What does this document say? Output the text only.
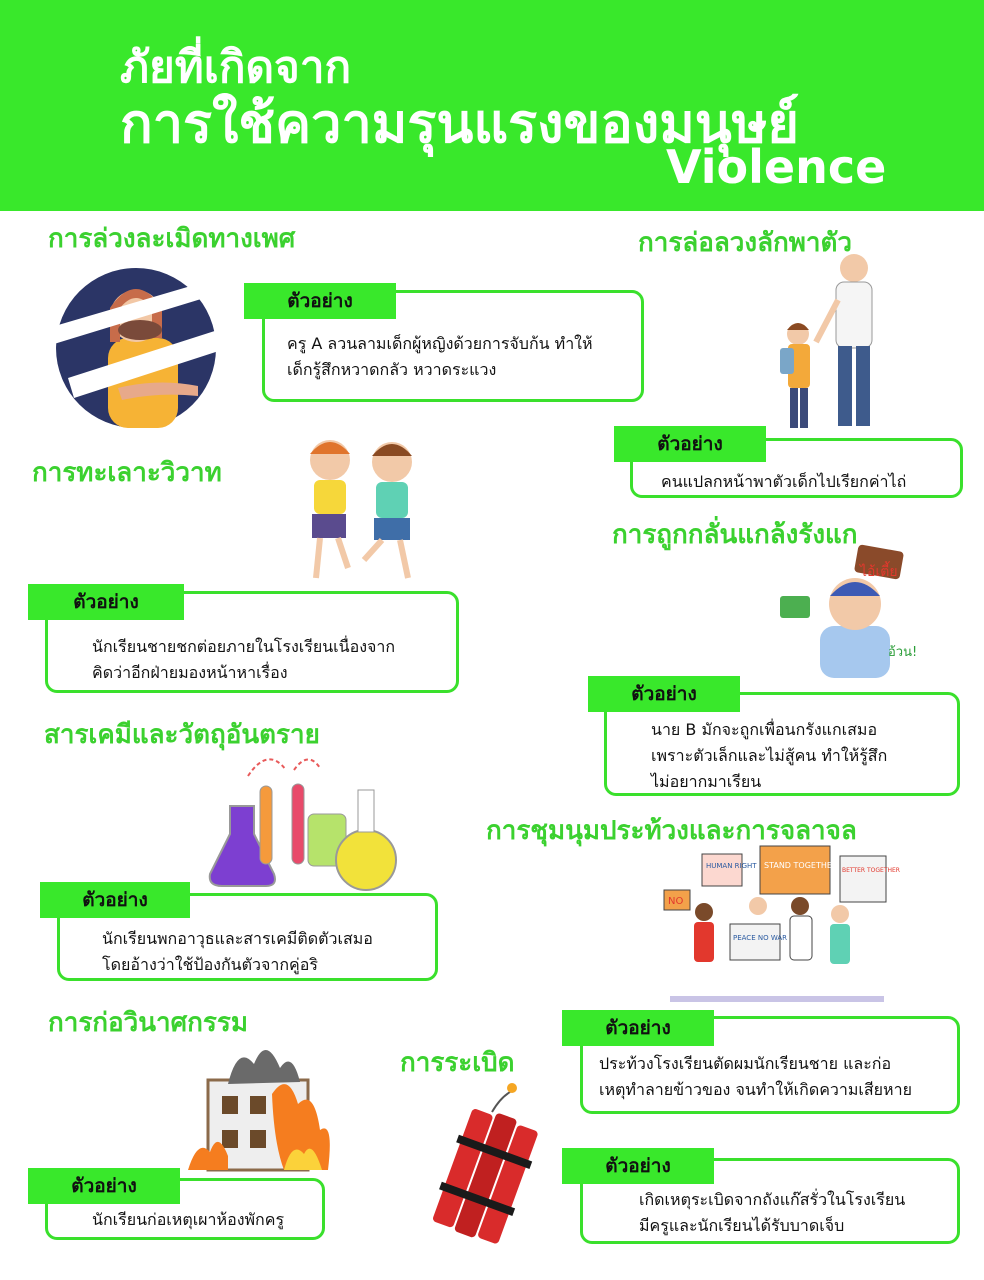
ภัยที่เกิดจาก
การใช้ความรุนแรงของมนุษย์
Violence
การล่วงละเมิดทางเพศ
ครู A ลวนลามเด็กผู้หญิงด้วยการจับก้น ทำให้
เด็กรู้สึกหวาดกลัว หวาดระแวง
ตัวอย่าง
การล่อลวงลักพาตัว
คนแปลกหน้าพาตัวเด็กไปเรียกค่าไถ่
ตัวอย่าง
การทะเลาะวิวาท
นักเรียนชายชกต่อยภายในโรงเรียนเนื่องจาก
คิดว่าอีกฝ่ายมองหน้าหาเรื่อง
ตัวอย่าง
การถูกกลั่นแกล้งรังแก
ไอ้เตี้ย
อ้วน!
นาย B มักจะถูกเพื่อนกรังแกเสมอ
เพราะตัวเล็กและไม่สู้คน ทำให้รู้สึก
ไม่อยากมาเรียน
ตัวอย่าง
สารเคมีและวัตถุอันตราย
นักเรียนพกอาวุธและสารเคมีติดตัวเสมอ
โดยอ้างว่าใช้ป้องกันตัวจากคู่อริ
ตัวอย่าง
การชุมนุมประท้วงและการจลาจล
HUMAN RIGHT STAND TOGETHER
BETTER TOGETHER
NO
PEACE NO WAR
ประท้วงโรงเรียนตัดผมนักเรียนชาย และก่อ
เหตุทำลายข้าวของ จนทำให้เกิดความเสียหาย
ตัวอย่าง
การก่อวินาศกรรม
นักเรียนก่อเหตุเผาห้องพักครู
ตัวอย่าง
การระเบิด
เกิดเหตุระเบิดจากถังแก๊สรั่วในโรงเรียน
มีครูและนักเรียนได้รับบาดเจ็บ
ตัวอย่าง
